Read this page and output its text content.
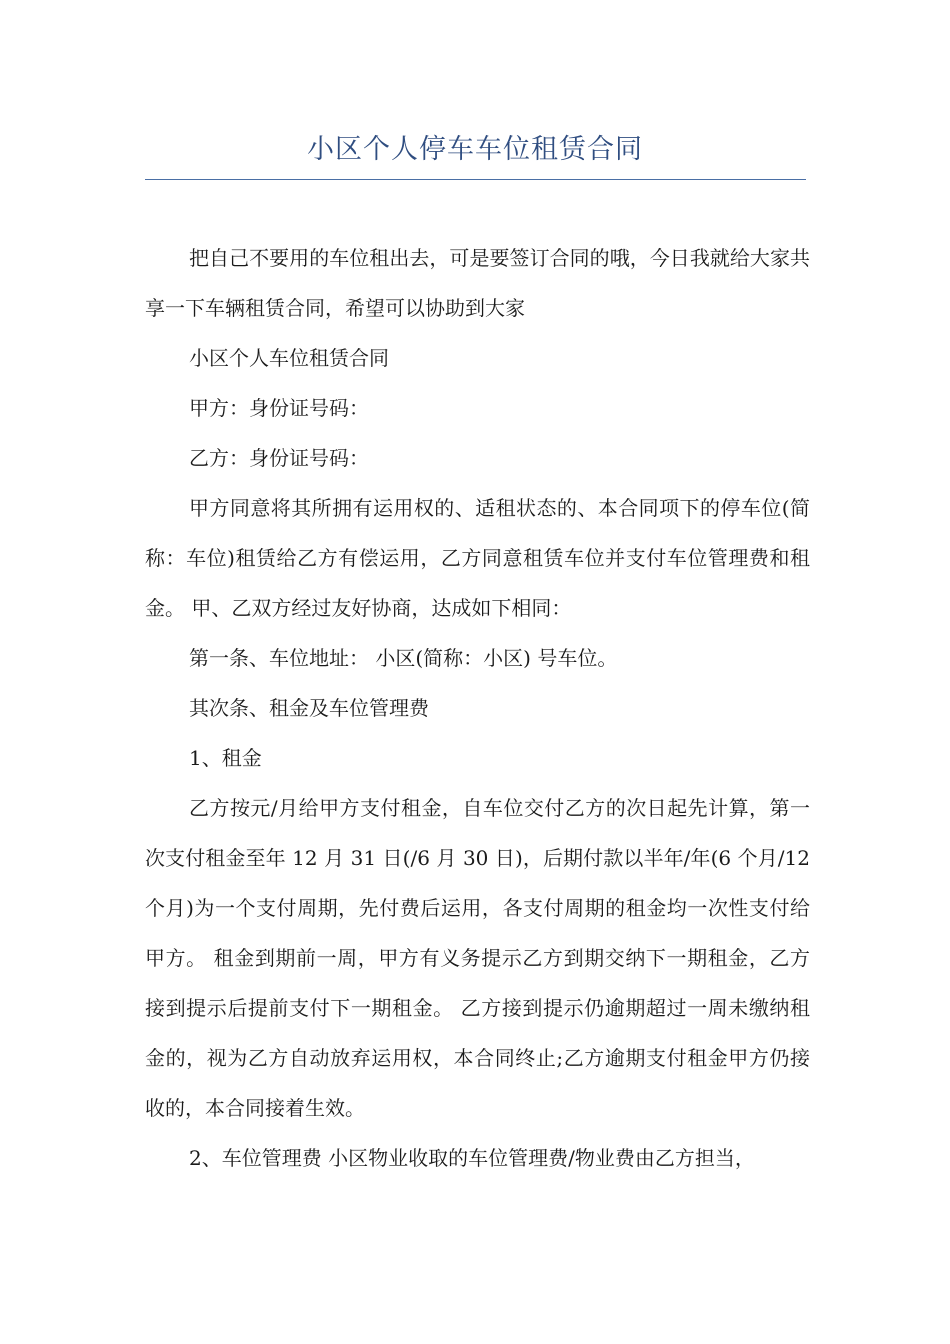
小区个人停车车位租赁合同

把自己不要用的车位租出去，可是要签订合同的哦，今日我就给大家共享一下车辆租赁合同，希望可以协助到大家

小区个人车位租赁合同

甲方：身份证号码：

乙方：身份证号码：

甲方同意将其所拥有运用权的、适租状态的、本合同项下的停车位(简称：车位)租赁给乙方有偿运用，乙方同意租赁车位并支付车位管理费和租金。 甲、乙双方经过友好协商，达成如下相同：

第一条、车位地址： 小区(简称：小区) 号车位。

其次条、租金及车位管理费

1、租金

乙方按元/月给甲方支付租金，自车位交付乙方的次日起先计算，第一次支付租金至年 12 月 31 日(/6 月 30 日)，后期付款以半年/年(6 个月/12 个月)为一个支付周期，先付费后运用，各支付周期的租金均一次性支付给甲方。 租金到期前一周，甲方有义务提示乙方到期交纳下一期租金，乙方接到提示后提前支付下一期租金。 乙方接到提示仍逾期超过一周未缴纳租金的，视为乙方自动放弃运用权，本合同终止;乙方逾期支付租金甲方仍接收的，本合同接着生效。

2、车位管理费 小区物业收取的车位管理费/物业费由乙方担当，
